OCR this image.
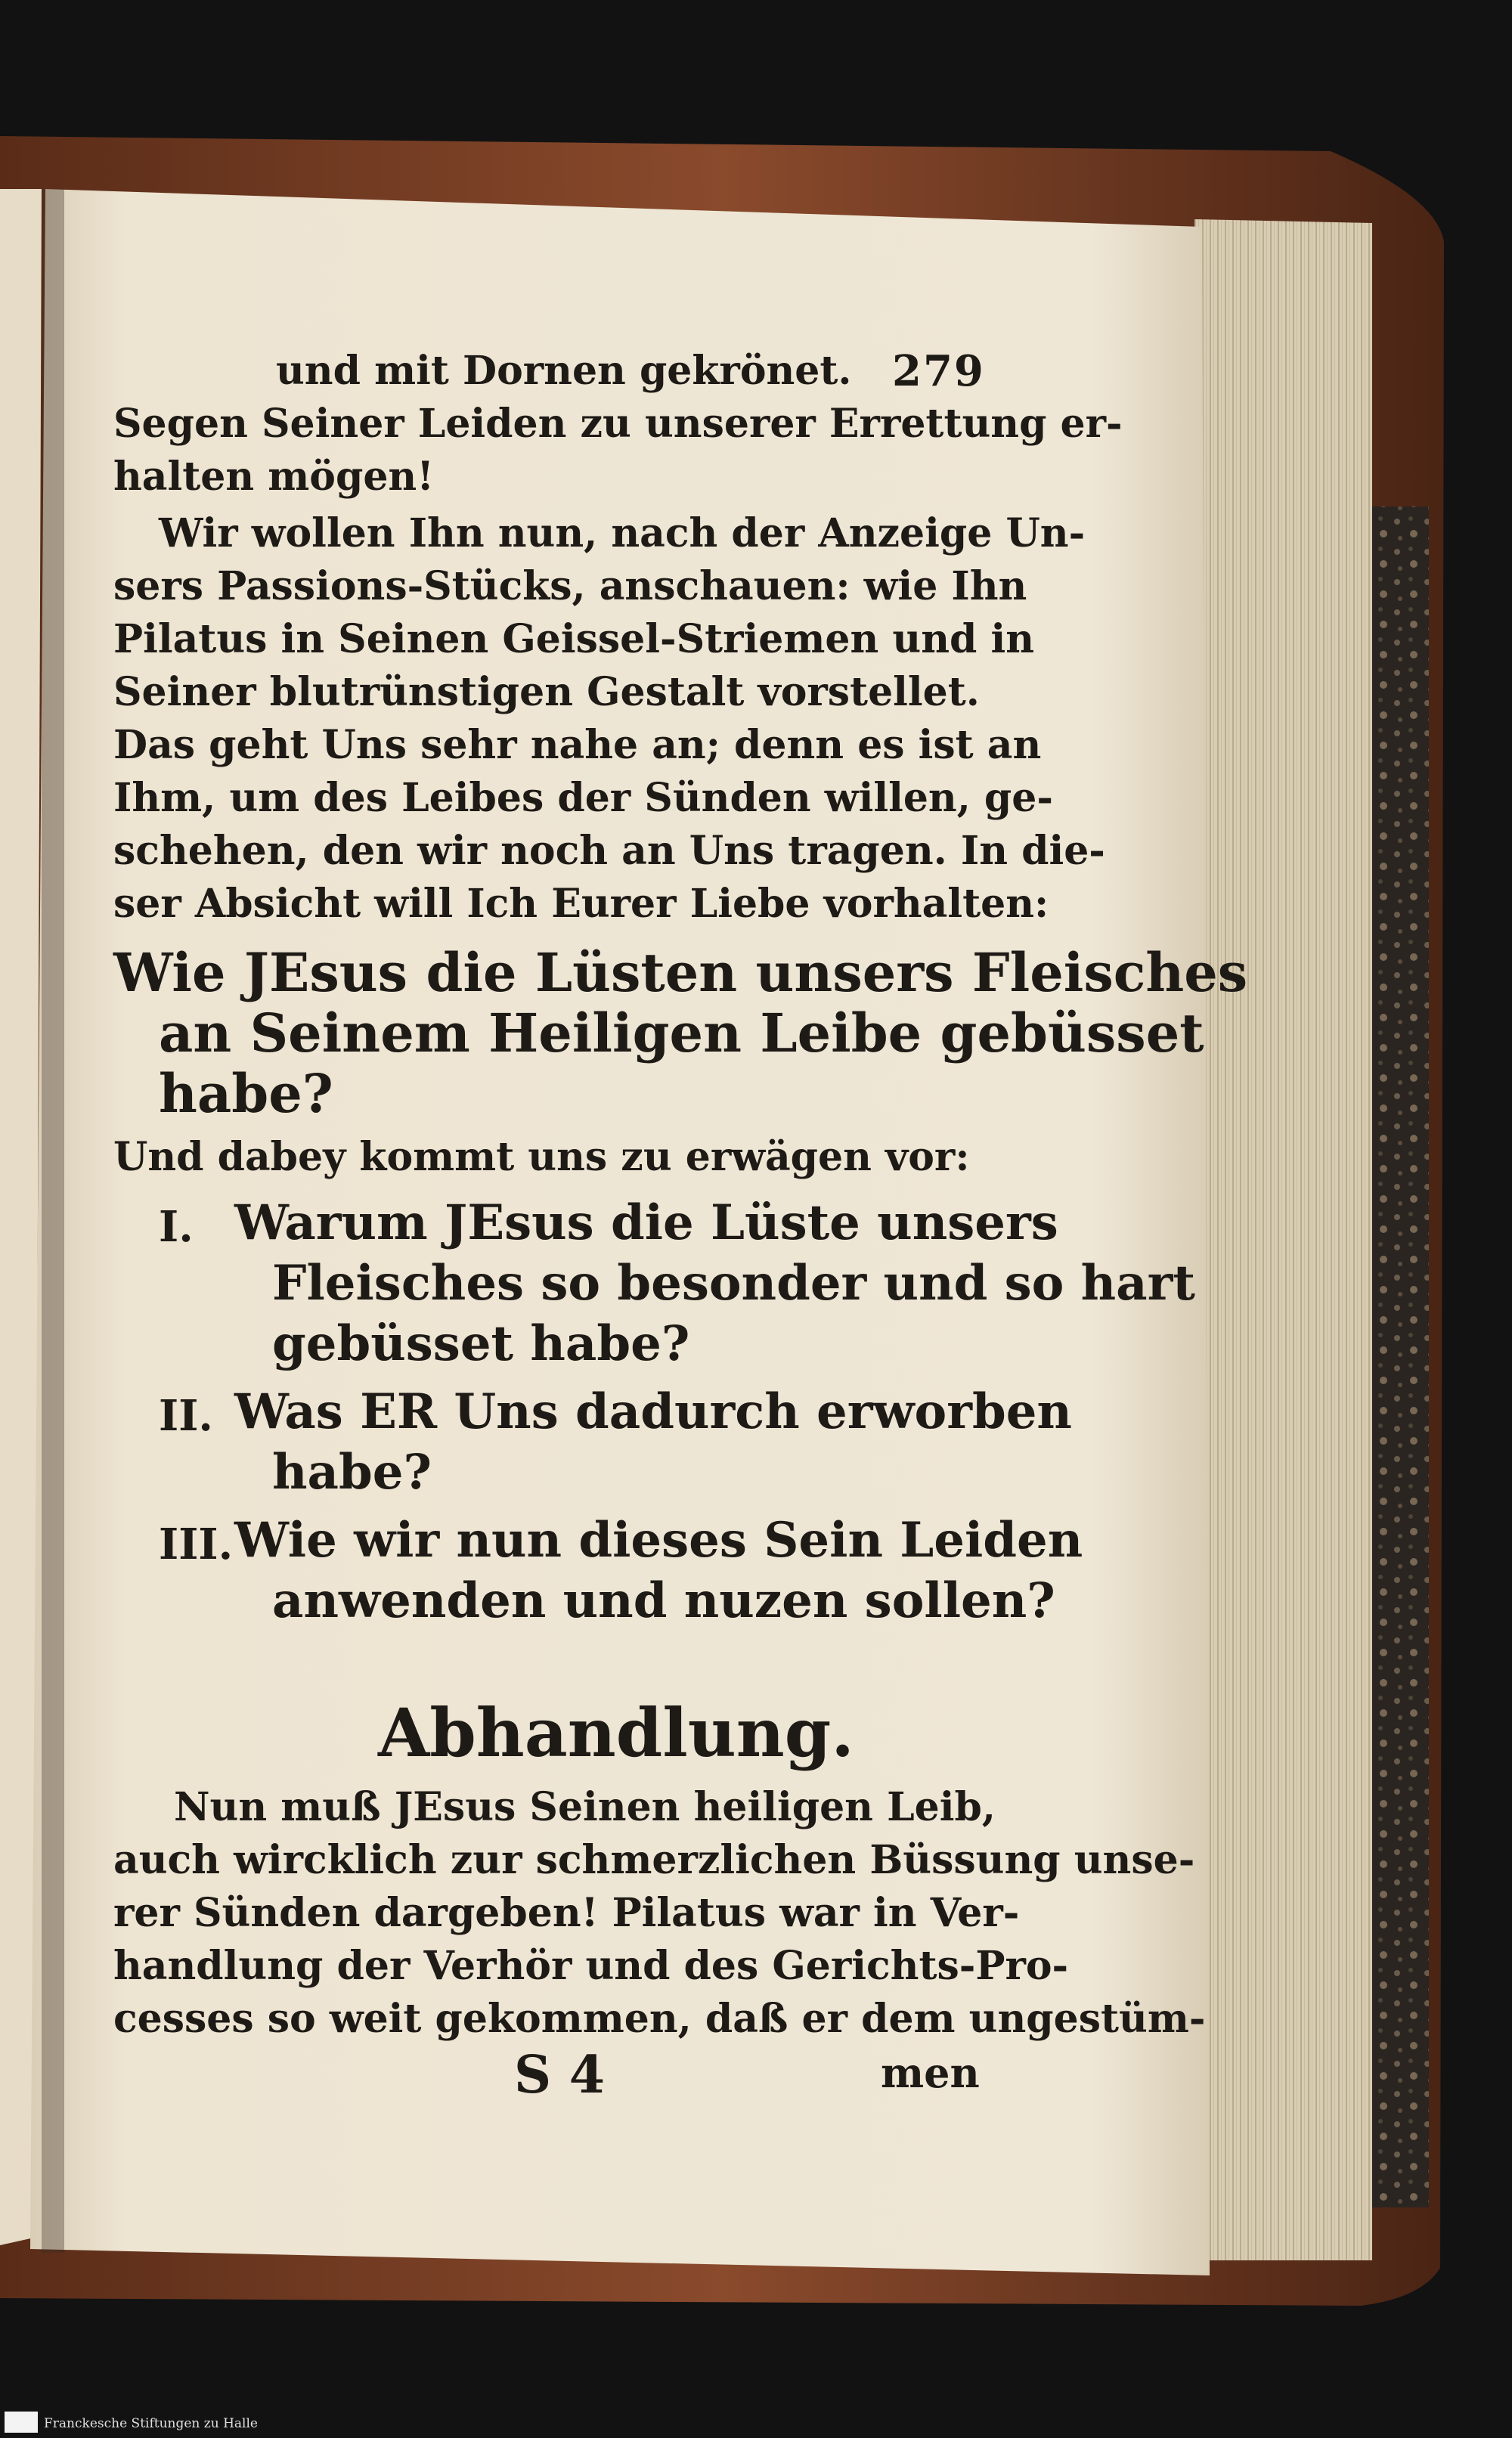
und mit Dornen gekrönet. 279
Segen Seiner Leiden zu unserer Errettung er-
halten mögen!
Wir wollen Ihn nun, nach der Anzeige Un-
sers Passions-Stücks, anschauen: wie Ihn
Pilatus in Seinen Geissel-Striemen und in
Seiner blutrünstigen Gestalt vorstellet.
Das geht Uns sehr nahe an; denn es ist an
Ihm, um des Leibes der Sünden willen, ge-
schehen, den wir noch an Uns tragen. In die-
ser Absicht will Ich Eurer Liebe vorhalten:
Wie JEsus die Lüsten unsers Fleisches
an Seinem Heiligen Leibe gebüsset
habe?
Und dabey kommt uns zu erwägen vor:
I. Warum JEsus die Lüste unsers
Fleisches so besonder und so hart
gebüsset habe?
II. Was ER Uns dadurch erworben
habe?
III. Wie wir nun dieses Sein Leiden
anwenden und nuzen sollen?
Abhandlung.
Nun muß JEsus Seinen heiligen Leib,
auch wircklich zur schmerzlichen Büssung unse-
rer Sünden dargeben! Pilatus war in Ver-
handlung der Verhör und des Gerichts-Pro-
cesses so weit gekommen, daß er dem ungestüm-
S 4	men
Franckesche Stiftungen zu Halle
